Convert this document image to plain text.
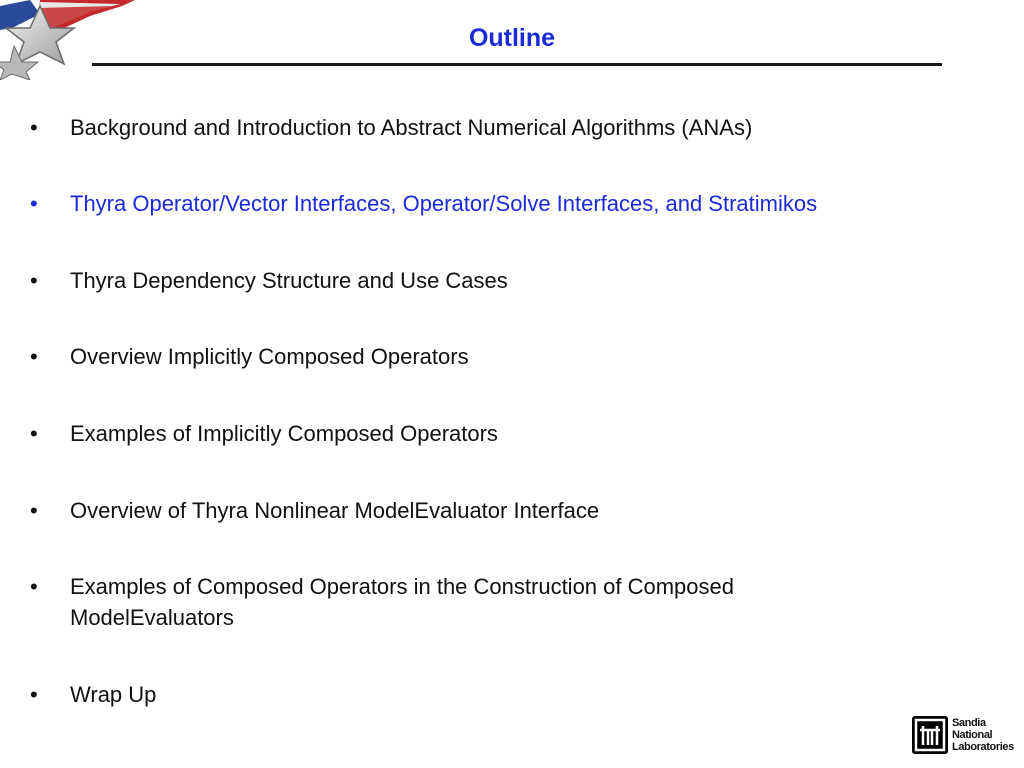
Outline
• Background and Introduction to Abstract Numerical Algorithms (ANAs)
• Thyra Operator/Vector Interfaces, Operator/Solve Interfaces, and Stratimikos
• Thyra Dependency Structure and Use Cases
• Overview Implicitly Composed Operators
• Examples of Implicitly Composed Operators
• Overview of Thyra Nonlinear ModelEvaluator Interface
• Examples of Composed Operators in the Construction of Composed ModelEvaluators
• Wrap Up
Sandia
National
Laboratories
